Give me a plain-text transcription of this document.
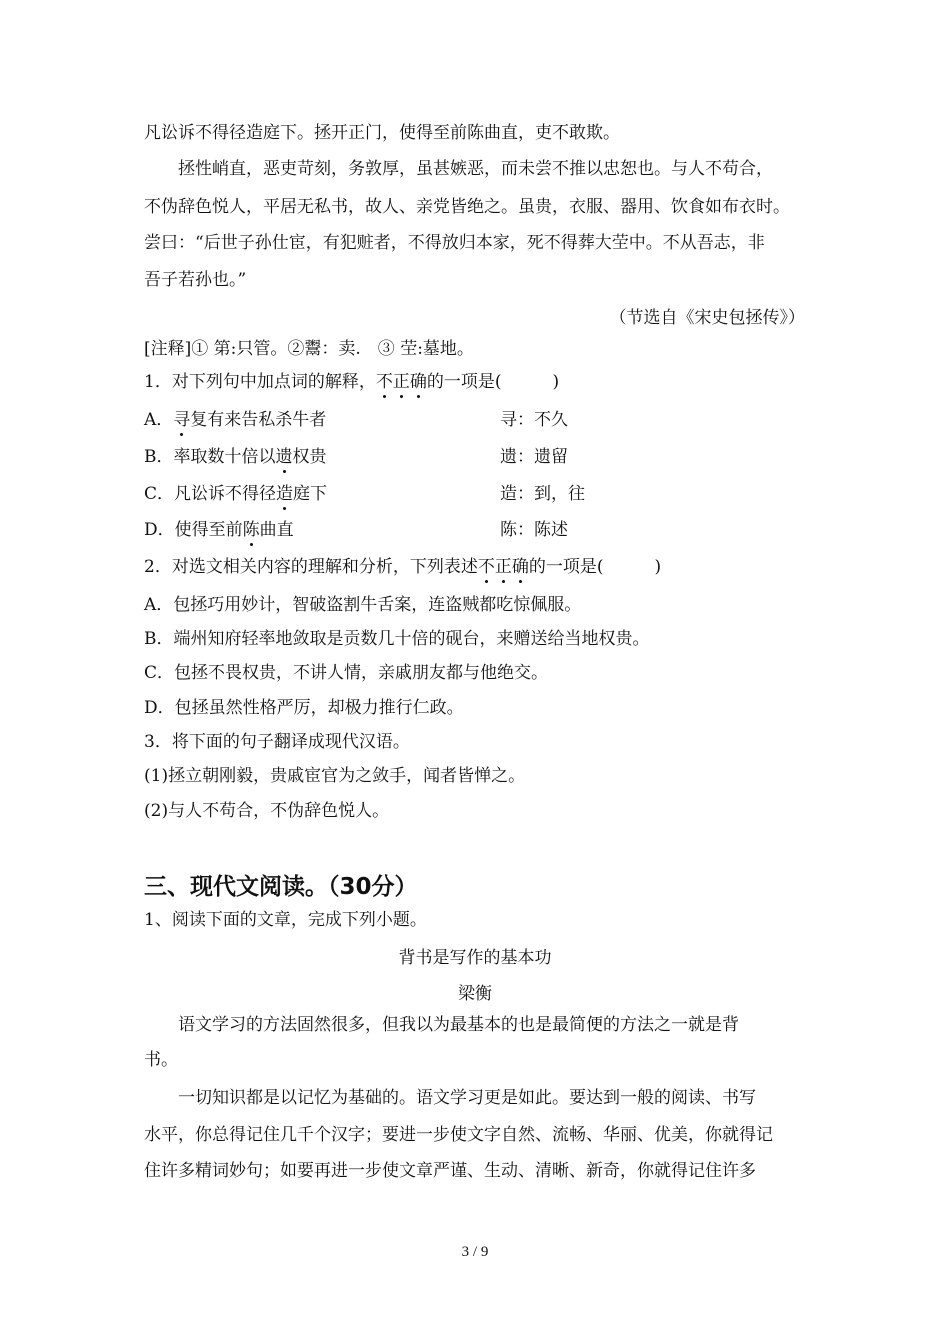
凡讼诉不得径造庭下。拯开正门，使得至前陈曲直，吏不敢欺。
拯性峭直，恶吏苛刻，务敦厚，虽甚嫉恶，而未尝不推以忠恕也。与人不苟合，
不伪辞色悦人，平居无私书，故人、亲党皆绝之。虽贵，衣服、器用、饮食如布衣时。
尝曰：“后世子孙仕宦，有犯赃者，不得放归本家，死不得葬大茔中。不从吾志，非
吾子若孙也。”
（节选自《宋史包拯传》）
[注释]① 第:只管。②鬻：卖.　③ 茔:墓地。
1．对下列句中加点词的解释，不正确的一项是(　　　)
A．寻复有来告私杀牛者	寻：不久
B．率取数十倍以遗权贵	遗：遗留
C．凡讼诉不得径造庭下	造：到，往
D．使得至前陈曲直	陈：陈述
2．对选文相关内容的理解和分析，下列表述不正确的一项是(　　　)
A．包拯巧用妙计，智破盗割牛舌案，连盗贼都吃惊佩服。
B．端州知府轻率地敛取是贡数几十倍的砚台，来赠送给当地权贵。
C．包拯不畏权贵，不讲人情，亲戚朋友都与他绝交。
D．包拯虽然性格严厉，却极力推行仁政。
3．将下面的句子翻译成现代汉语。
(1)拯立朝刚毅，贵戚宦官为之敛手，闻者皆惮之。
(2)与人不苟合，不伪辞色悦人。
三、现代文阅读。（30分）
1、阅读下面的文章，完成下列小题。
背书是写作的基本功
梁衡
语文学习的方法固然很多，但我以为最基本的也是最简便的方法之一就是背
书。
一切知识都是以记忆为基础的。语文学习更是如此。要达到一般的阅读、书写
水平，你总得记住几千个汉字；要进一步使文字自然、流畅、华丽、优美，你就得记
住许多精词妙句；如要再进一步使文章严谨、生动、清晰、新奇，你就得记住许多
3 / 9
